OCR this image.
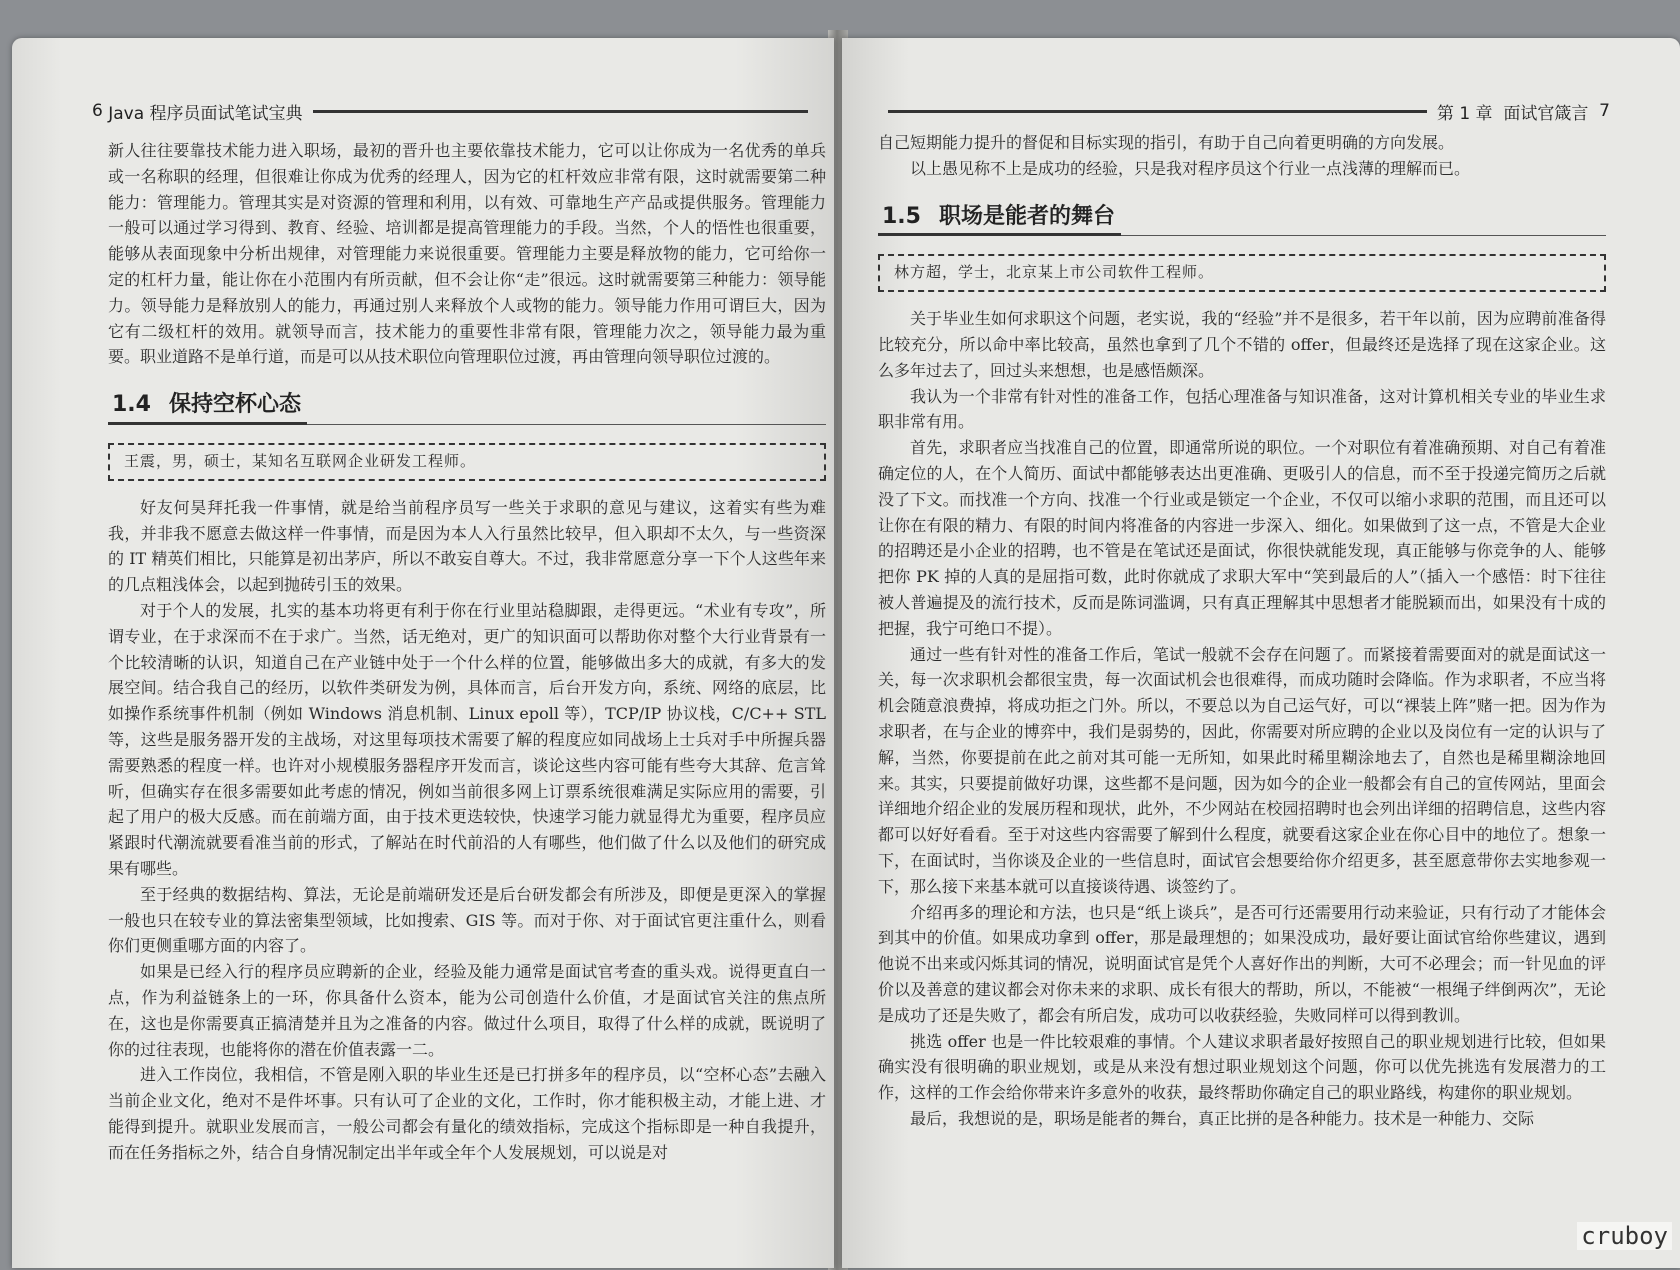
6
Java 程序员面试笔试宝典

新人往往要靠技术能力进入职场，最初的晋升也主要依靠技术能力，它可以让你成为一名优秀的单兵或一名称职的经理，但很难让你成为优秀的经理人，因为它的杠杆效应非常有限，这时就需要第二种能力：管理能力。管理其实是对资源的管理和利用，以有效、可靠地生产产品或提供服务。管理能力一般可以通过学习得到、教育、经验、培训都是提高管理能力的手段。当然，个人的悟性也很重要，能够从表面现象中分析出规律，对管理能力来说很重要。管理能力主要是释放物的能力，它可给你一定的杠杆力量，能让你在小范围内有所贡献，但不会让你“走”很远。这时就需要第三种能力：领导能力。领导能力是释放别人的能力，再通过别人来释放个人或物的能力。领导能力作用可谓巨大，因为它有二级杠杆的效用。就领导而言，技术能力的重要性非常有限，管理能力次之，领导能力最为重要。职业道路不是单行道，而是可以从技术职位向管理职位过渡，再由管理向领导职位过渡的。

1.4 保持空杯心态
王震，男，硕士，某知名互联网企业研发工程师。

好友何昊拜托我一件事情，就是给当前程序员写一些关于求职的意见与建议，这着实有些为难我，并非我不愿意去做这样一件事情，而是因为本人入行虽然比较早，但入职却不太久，与一些资深的 IT 精英们相比，只能算是初出茅庐，所以不敢妄自尊大。不过，我非常愿意分享一下个人这些年来的几点粗浅体会，以起到抛砖引玉的效果。

对于个人的发展，扎实的基本功将更有利于你在行业里站稳脚跟，走得更远。“术业有专攻”，所谓专业，在于求深而不在于求广。当然，话无绝对，更广的知识面可以帮助你对整个大行业背景有一个比较清晰的认识，知道自己在产业链中处于一个什么样的位置，能够做出多大的成就，有多大的发展空间。结合我自己的经历，以软件类研发为例，具体而言，后台开发方向，系统、网络的底层，比如操作系统事件机制（例如 Windows 消息机制、Linux epoll 等），TCP/IP 协议栈，C/C++ STL 等，这些是服务器开发的主战场，对这里每项技术需要了解的程度应如同战场上士兵对手中所握兵器需要熟悉的程度一样。也许对小规模服务器程序开发而言，谈论这些内容可能有些夸大其辞、危言耸听，但确实存在很多需要如此考虑的情况，例如当前很多网上订票系统很难满足实际应用的需要，引起了用户的极大反感。而在前端方面，由于技术更迭较快，快速学习能力就显得尤为重要，程序员应紧跟时代潮流就要看准当前的形式，了解站在时代前沿的人有哪些，他们做了什么以及他们的研究成果有哪些。

至于经典的数据结构、算法，无论是前端研发还是后台研发都会有所涉及，即便是更深入的掌握一般也只在较专业的算法密集型领域，比如搜索、GIS 等。而对于你、对于面试官更注重什么，则看你们更侧重哪方面的内容了。

如果是已经入行的程序员应聘新的企业，经验及能力通常是面试官考查的重头戏。说得更直白一点，作为利益链条上的一环，你具备什么资本，能为公司创造什么价值，才是面试官关注的焦点所在，这也是你需要真正搞清楚并且为之准备的内容。做过什么项目，取得了什么样的成就，既说明了你的过往表现，也能将你的潜在价值表露一二。

进入工作岗位，我相信，不管是刚入职的毕业生还是已打拼多年的程序员，以“空杯心态”去融入当前企业文化，绝对不是件坏事。只有认可了企业的文化，工作时，你才能积极主动，才能上进、才能得到提升。就职业发展而言，一般公司都会有量化的绩效指标，完成这个指标即是一种自我提升，而在任务指标之外，结合自身情况制定出半年或全年个人发展规划，可以说是对

第 1 章
面试官箴言
7

自己短期能力提升的督促和目标实现的指引，有助于自己向着更明确的方向发展。

以上愚见称不上是成功的经验，只是我对程序员这个行业一点浅薄的理解而已。

1.5 职场是能者的舞台
林方超，学士，北京某上市公司软件工程师。

关于毕业生如何求职这个问题，老实说，我的“经验”并不是很多，若干年以前，因为应聘前准备得比较充分，所以命中率比较高，虽然也拿到了几个不错的 offer，但最终还是选择了现在这家企业。这么多年过去了，回过头来想想，也是感悟颇深。

我认为一个非常有针对性的准备工作，包括心理准备与知识准备，这对计算机相关专业的毕业生求职非常有用。

首先，求职者应当找准自己的位置，即通常所说的职位。一个对职位有着准确预期、对自己有着准确定位的人，在个人简历、面试中都能够表达出更准确、更吸引人的信息，而不至于投递完简历之后就没了下文。而找准一个方向、找准一个行业或是锁定一个企业，不仅可以缩小求职的范围，而且还可以让你在有限的精力、有限的时间内将准备的内容进一步深入、细化。如果做到了这一点，不管是大企业的招聘还是小企业的招聘，也不管是在笔试还是面试，你很快就能发现，真正能够与你竞争的人、能够把你 PK 掉的人真的是屈指可数，此时你就成了求职大军中“笑到最后的人”（插入一个感悟：时下往往被人普遍提及的流行技术，反而是陈词滥调，只有真正理解其中思想者才能脱颖而出，如果没有十成的把握，我宁可绝口不提）。

通过一些有针对性的准备工作后，笔试一般就不会存在问题了。而紧接着需要面对的就是面试这一关，每一次求职机会都很宝贵，每一次面试机会也很难得，而成功随时会降临。作为求职者，不应当将机会随意浪费掉，将成功拒之门外。所以，不要总以为自己运气好，可以“裸装上阵”赌一把。因为作为求职者，在与企业的博弈中，我们是弱势的，因此，你需要对所应聘的企业以及岗位有一定的认识与了解，当然，你要提前在此之前对其可能一无所知，如果此时稀里糊涂地去了，自然也是稀里糊涂地回来。其实，只要提前做好功课，这些都不是问题，因为如今的企业一般都会有自己的宣传网站，里面会详细地介绍企业的发展历程和现状，此外，不少网站在校园招聘时也会列出详细的招聘信息，这些内容都可以好好看看。至于对这些内容需要了解到什么程度，就要看这家企业在你心目中的地位了。想象一下，在面试时，当你谈及企业的一些信息时，面试官会想要给你介绍更多，甚至愿意带你去实地参观一下，那么接下来基本就可以直接谈待遇、谈签约了。

介绍再多的理论和方法，也只是“纸上谈兵”，是否可行还需要用行动来验证，只有行动了才能体会到其中的价值。如果成功拿到 offer，那是最理想的；如果没成功，最好要让面试官给你些建议，遇到他说不出来或闪烁其词的情况，说明面试官是凭个人喜好作出的判断，大可不必理会；而一针见血的评价以及善意的建议都会对你未来的求职、成长有很大的帮助，所以，不能被“一根绳子绊倒两次”，无论是成功了还是失败了，都会有所启发，成功可以收获经验，失败同样可以得到教训。

挑选 offer 也是一件比较艰难的事情。个人建议求职者最好按照自己的职业规划进行比较，但如果确实没有很明确的职业规划，或是从来没有想过职业规划这个问题，你可以优先挑选有发展潜力的工作，这样的工作会给你带来许多意外的收获，最终帮助你确定自己的职业路线，构建你的职业规划。

最后，我想说的是，职场是能者的舞台，真正比拼的是各种能力。技术是一种能力、交际

cruboy
